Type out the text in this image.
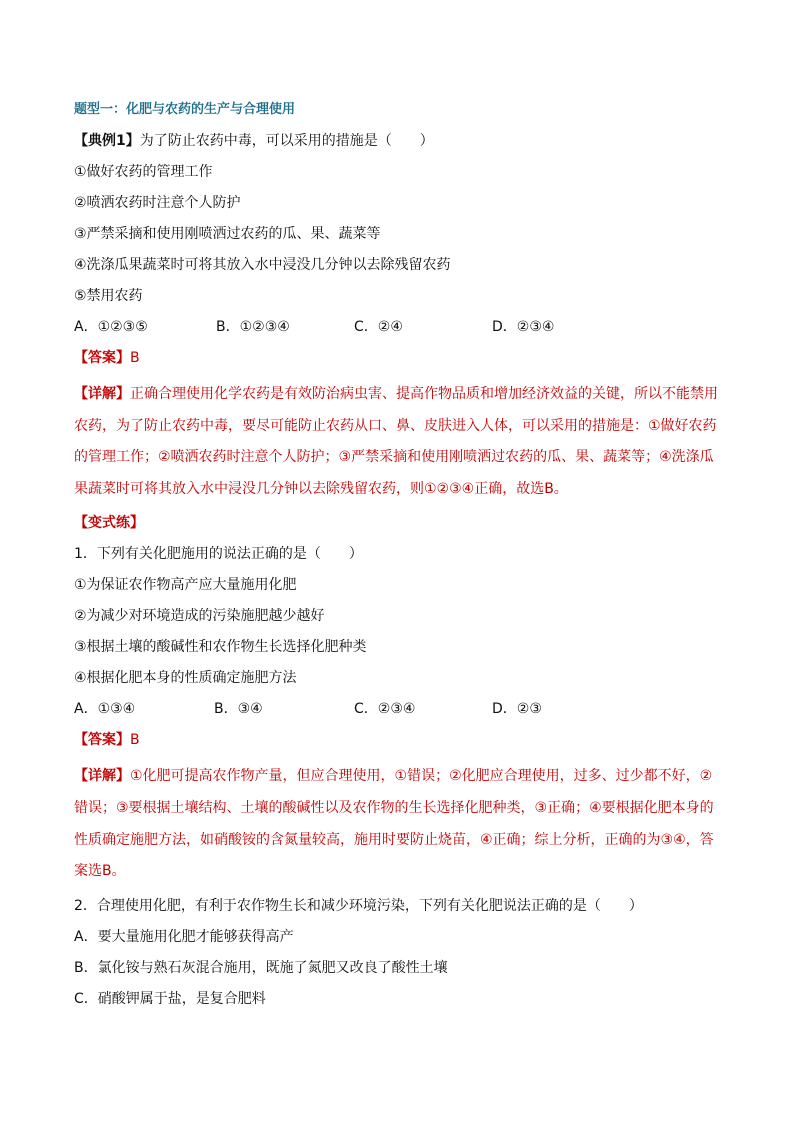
题型一：化肥与农药的生产与合理使用
【典例1】为了防止农药中毒，可以采用的措施是（　　）
①做好农药的管理工作
②喷洒农药时注意个人防护
③严禁采摘和使用刚喷洒过农药的瓜、果、蔬菜等
④洗涤瓜果蔬菜时可将其放入水中浸没几分钟以去除残留农药
⑤禁用农药
A．①②③⑤	B．①②③④	C．②④	D．②③④
【答案】B
【详解】正确合理使用化学农药是有效防治病虫害、提高作物品质和增加经济效益的关键，所以不能禁用农药，为了防止农药中毒，要尽可能防止农药从口、鼻、皮肤进入人体，可以采用的措施是：①做好农药的管理工作；②喷洒农药时注意个人防护；③严禁采摘和使用刚喷洒过农药的瓜、果、蔬菜等；④洗涤瓜果蔬菜时可将其放入水中浸没几分钟以去除残留农药，则①②③④正确，故选B。
【变式练】
1．下列有关化肥施用的说法正确的是（　　）
①为保证农作物高产应大量施用化肥
②为减少对环境造成的污染施肥越少越好
③根据土壤的酸碱性和农作物生长选择化肥种类
④根据化肥本身的性质确定施肥方法
A．①③④	B．③④	C．②③④	D．②③
【答案】B
【详解】①化肥可提高农作物产量，但应合理使用，①错误；②化肥应合理使用，过多、过少都不好，②错误；③要根据土壤结构、土壤的酸碱性以及农作物的生长选择化肥种类，③正确；④要根据化肥本身的性质确定施肥方法，如硝酸铵的含氮量较高，施用时要防止烧苗，④正确；综上分析，正确的为③④，答案选B。
2．合理使用化肥，有利于农作物生长和减少环境污染，下列有关化肥说法正确的是（　　）
A．要大量施用化肥才能够获得高产
B．氯化铵与熟石灰混合施用，既施了氮肥又改良了酸性土壤
C．硝酸钾属于盐，是复合肥料
